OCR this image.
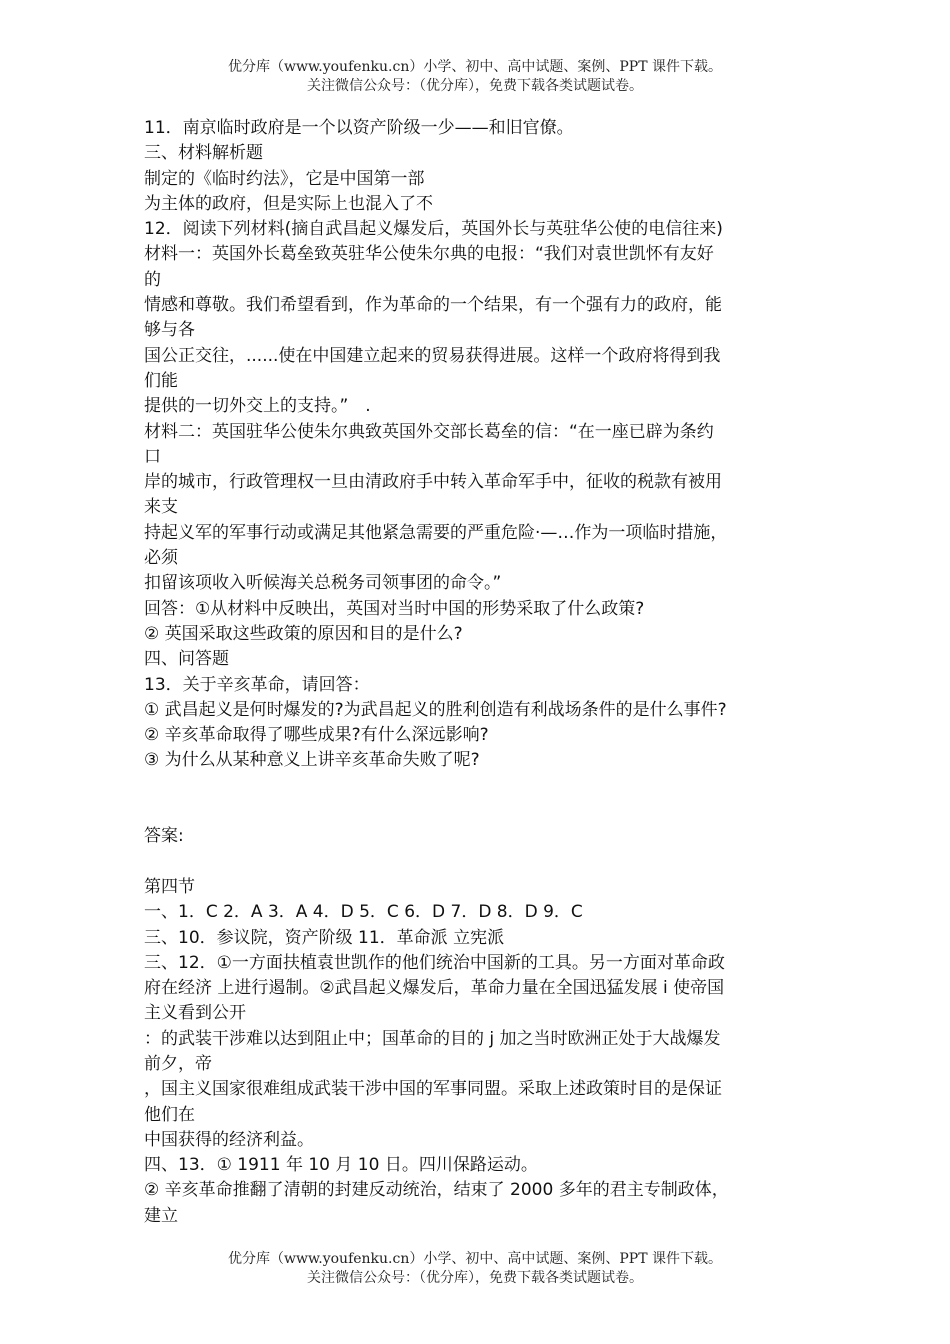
优分库（www.youfenku.cn）小学、初中、高中试题、案例、PPT 课件下载。
关注微信公众号：（优分库），免费下载各类试题试卷。
11．南京临时政府是一个以资产阶级一少——和旧官僚。
三、材料解析题
制定的《临时约法》，它是中国第一部
为主体的政府，但是实际上也混入了不
12．阅读下列材料(摘自武昌起义爆发后，英国外长与英驻华公使的电信往来)
材料一：英国外长葛垒致英驻华公使朱尔典的电报：“我们对袁世凯怀有友好
的
情感和尊敬。我们希望看到，作为革命的一个结果，有一个强有力的政府，能
够与各
国公正交往，......使在中国建立起来的贸易获得进展。这样一个政府将得到我
们能
提供的一切外交上的支持。”　.
材料二：英国驻华公使朱尔典致英国外交部长葛垒的信：“在一座已辟为条约
口
岸的城市，行政管理权一旦由清政府手中转入革命军手中，征收的税款有被用
来支
持起义军的军事行动或满足其他紧急需要的严重危险·—…作为一项临时措施，
必须
扣留该项收入听候海关总税务司领事团的命令。”
回答：①从材料中反映出，英国对当时中国的形势采取了什么政策?
② 英国采取这些政策的原因和目的是什么?
四、问答题
13．关于辛亥革命，请回答：
① 武昌起义是何时爆发的?为武昌起义的胜利创造有利战场条件的是什么事件?
② 辛亥革命取得了哪些成果?有什么深远影响?
③ 为什么从某种意义上讲辛亥革命失败了呢?
答案:
第四节
一、1．C 2．A 3．A 4．D 5．C 6．D 7．D 8．D 9．C
三、10．参议院，资产阶级 11．革命派 立宪派
三、12．①一方面扶植袁世凯作的他们统治中国新的工具。另一方面对革命政
府在经济 上进行遏制。②武昌起义爆发后，革命力量在全国迅猛发展 i 使帝国
主义看到公开
：的武装干涉难以达到阻止中；国革命的目的 j 加之当时欧洲正处于大战爆发
前夕，帝
，国主义国家很难组成武装干涉中国的军事同盟。采取上述政策时目的是保证
他们在
中国获得的经济利益。
四、13．① 1911 年 10 月 10 日。四川保路运动。
② 辛亥革命推翻了清朝的封建反动统治，结束了 2000 多年的君主专制政体，
建立
优分库（www.youfenku.cn）小学、初中、高中试题、案例、PPT 课件下载。
关注微信公众号：（优分库），免费下载各类试题试卷。
